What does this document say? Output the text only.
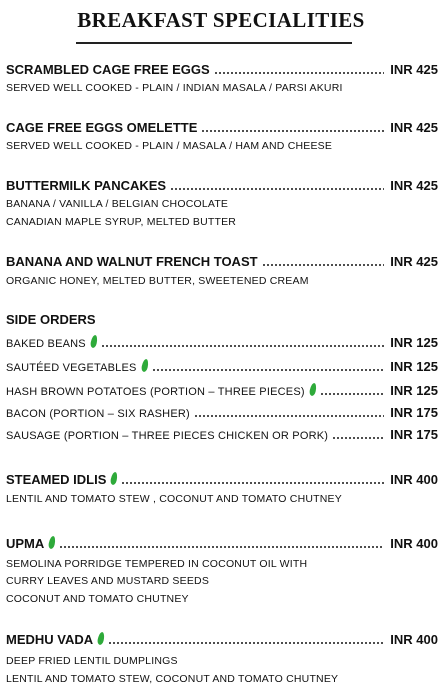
BREAKFAST SPECIALITIES
SCRAMBLED CAGE FREE EGGS	INR 425
SERVED WELL COOKED - PLAIN / INDIAN MASALA / PARSI AKURI
CAGE FREE EGGS OMELETTE	INR 425
SERVED WELL COOKED - PLAIN / MASALA / HAM AND CHEESE
BUTTERMILK PANCAKES	INR 425
BANANA / VANILLA / BELGIAN CHOCOLATE
CANADIAN MAPLE SYRUP, MELTED BUTTER
BANANA AND WALNUT FRENCH TOAST	INR 425
ORGANIC HONEY, MELTED BUTTER, SWEETENED CREAM
SIDE ORDERS
BAKED BEANS	INR 125
SAUTÉED VEGETABLES	INR 125
HASH BROWN POTATOES (PORTION – THREE PIECES)	INR 125
BACON (PORTION – SIX RASHER)	INR 175
SAUSAGE (PORTION – THREE PIECES CHICKEN OR PORK)	INR 175
STEAMED IDLIS	INR 400
LENTIL AND TOMATO STEW , COCONUT AND TOMATO CHUTNEY
UPMA	INR 400
SEMOLINA PORRIDGE TEMPERED IN COCONUT OIL WITH
CURRY LEAVES AND MUSTARD SEEDS
COCONUT AND TOMATO CHUTNEY
MEDHU VADA	INR 400
DEEP FRIED LENTIL DUMPLINGS
LENTIL AND TOMATO STEW, COCONUT AND TOMATO CHUTNEY
